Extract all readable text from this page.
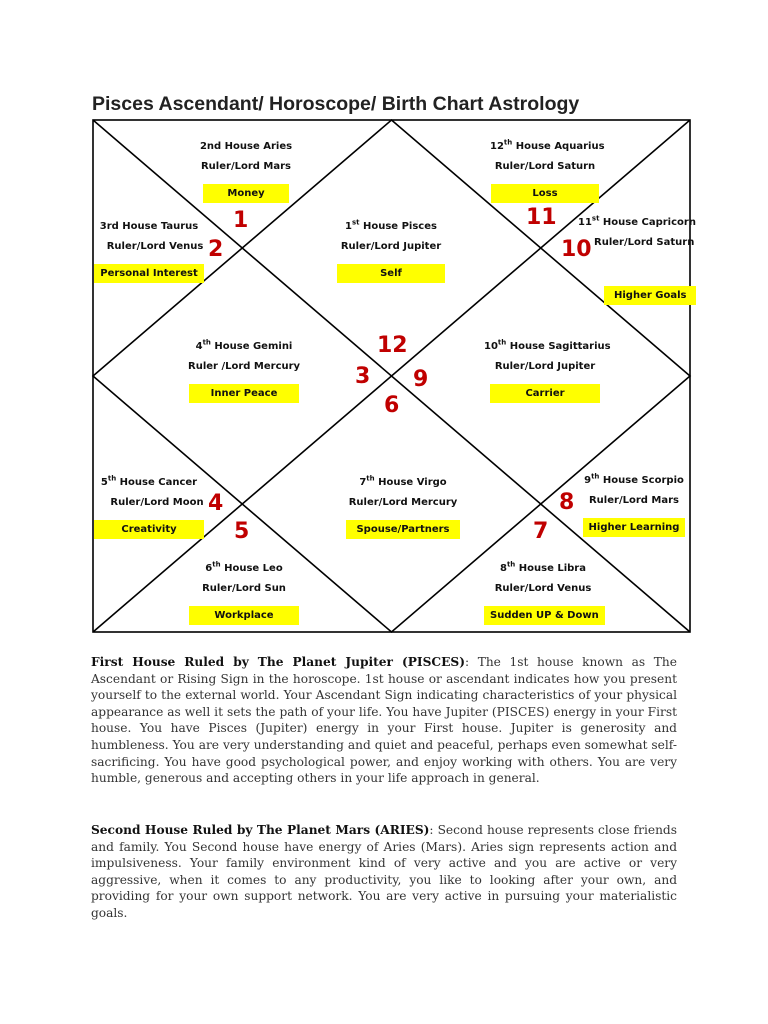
Pisces Ascendant/ Horoscope/ Birth Chart Astrology
2nd House Aries
Ruler/Lord Mars
Money
3rd House Taurus
Ruler/Lord Venus
Personal Interest
1st House Pisces
Ruler/Lord Jupiter
Self
12th House Aquarius
Ruler/Lord Saturn
Loss
11st House Capricorn
Ruler/Lord Saturn
Higher Goals
4th House Gemini
Ruler /Lord Mercury
Inner Peace
10th House Sagittarius
Ruler/Lord Jupiter
Carrier
5th House Cancer
Ruler/Lord Moon
Creativity
7th House Virgo
Ruler/Lord Mercury
Spouse/Partners
9th House Scorpio
Ruler/Lord Mars
Higher Learning
6th House Leo
Ruler/Lord Sun
Workplace
8th House Libra
Ruler/Lord Venus
Sudden UP & Down
1
2
11
10
12
3 9
6
4	8
5	7
First House Ruled by The Planet Jupiter (PISCES): The 1st house known as The Ascendant or Rising Sign in the horoscope. 1st house or ascendant indicates how you present yourself to the external world. Your Ascendant Sign indicating characteristics of your physical appearance as well it sets the path of your life. You have Jupiter (PISCES) energy in your First house. You have Pisces (Jupiter) energy in your First house. Jupiter is generosity and humbleness. You are very understanding and quiet and peaceful, perhaps even somewhat self-sacrificing. You have good psychological power, and enjoy working with others. You are very humble, generous and accepting others in your life approach in general.
Second House Ruled by The Planet Mars (ARIES): Second house represents close friends and family. You Second house have energy of Aries (Mars). Aries sign represents action and impulsiveness. Your family environment kind of very active and you are active or very aggressive, when it comes to any productivity, you like to looking after your own, and providing for your own support network. You are very active in pursuing your materialistic goals.
